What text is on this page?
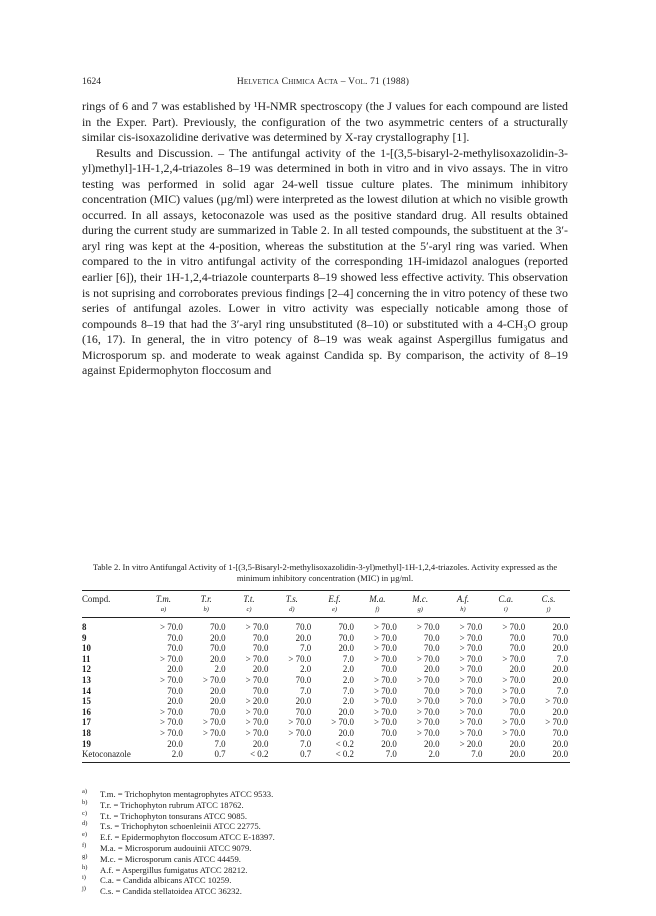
1624	Helvetica Chimica Acta – Vol. 71 (1988)

rings of 6 and 7 was established by ¹H-NMR spectroscopy (the J values for each compound are listed in the Exper. Part). Previously, the configuration of the two asymmetric centers of a structurally similar cis-isoxazolidine derivative was determined by X-ray crystallography [1].

Results and Discussion. – The antifungal activity of the 1-[(3,5-bisaryl-2-methylisoxazolidin-3-yl)methyl]-1H-1,2,4-triazoles 8–19 was determined in both in vitro and in vivo assays. The in vitro testing was performed in solid agar 24-well tissue culture plates. The minimum inhibitory concentration (MIC) values (µg/ml) were interpreted as the lowest dilution at which no visible growth occurred. In all assays, ketoconazole was used as the positive standard drug. All results obtained during the current study are summarized in Table 2. In all tested compounds, the substituent at the 3′-aryl ring was kept at the 4-position, whereas the substitution at the 5′-aryl ring was varied. When compared to the in vitro antifungal activity of the corresponding 1H-imidazol analogues (reported earlier [6]), their 1H-1,2,4-triazole counterparts 8–19 showed less effective activity. This observation is not suprising and corroborates previous findings [2–4] concerning the in vitro potency of these two series of antifungal azoles. Lower in vitro activity was especially noticable among those of compounds 8–19 that had the 3′-aryl ring unsubstituted (8–10) or substituted with a 4-CH₃O group (16, 17). In general, the in vitro potency of 8–19 was weak against Aspergillus fumigatus and Microsporum sp. and moderate to weak against Candida sp. By comparison, the activity of 8–19 against Epidermophyton floccosum and

Table 2. In vitro Antifungal Activity of 1-[(3,5-Bisaryl-2-methylisoxazolidin-3-yl)methyl]-1H-1,2,4-triazoles. Activity expressed as the minimum inhibitory concentration (MIC) in µg/ml.
Compd.	T.m.	T.r.	T.t.	T.s.	E.f.	M.a.	M.c.	A.f.	C.a.	C.s.
	a)	b)	c)	d)	e)	f)	g)	h)	i)	j)
8	> 70.0	70.0	> 70.0	70.0	70.0	> 70.0	> 70.0	> 70.0	> 70.0	20.0
9	70.0	20.0	70.0	20.0	70.0	> 70.0	70.0	> 70.0	70.0	70.0
10	70.0	70.0	70.0	7.0	20.0	> 70.0	70.0	> 70.0	70.0	20.0
11	> 70.0	20.0	> 70.0	> 70.0	7.0	> 70.0	> 70.0	> 70.0	> 70.0	7.0
12	20.0	2.0	20.0	2.0	2.0	70.0	20.0	> 70.0	20.0	20.0
13	> 70.0	> 70.0	> 70.0	70.0	2.0	> 70.0	> 70.0	> 70.0	> 70.0	20.0
14	70.0	20.0	70.0	7.0	7.0	> 70.0	70.0	> 70.0	> 70.0	7.0
15	20.0	20.0	> 20.0	20.0	2.0	> 70.0	> 70.0	> 70.0	> 70.0	> 70.0
16	> 70.0	70.0	> 70.0	70.0	20.0	> 70.0	> 70.0	> 70.0	70.0	20.0
17	> 70.0	> 70.0	> 70.0	> 70.0	> 70.0	> 70.0	> 70.0	> 70.0	> 70.0	> 70.0
18	> 70.0	> 70.0	> 70.0	> 70.0	20.0	70.0	> 70.0	> 70.0	> 70.0	70.0
19	20.0	7.0	20.0	7.0	< 0.2	20.0	20.0	> 20.0	20.0	20.0
Ketoconazole	2.0	0.7	< 0.2	0.7	< 0.2	7.0	2.0	7.0	20.0	20.0
a) T.m. = Trichophyton mentagrophytes ATCC 9533.
b) T.r. = Trichophyton rubrum ATCC 18762.
c) T.t. = Trichophyton tonsurans ATCC 9085.
d) T.s. = Trichophyton schoenleinii ATCC 22775.
e) E.f. = Epidermophyton floccosum ATCC E-18397.
f) M.a. = Microsporum audouinii ATCC 9079.
g) M.c. = Microsporum canis ATCC 44459.
h) A.f. = Aspergillus fumigatus ATCC 28212.
i) C.a. = Candida albicans ATCC 10259.
j) C.s. = Candida stellatoidea ATCC 36232.
